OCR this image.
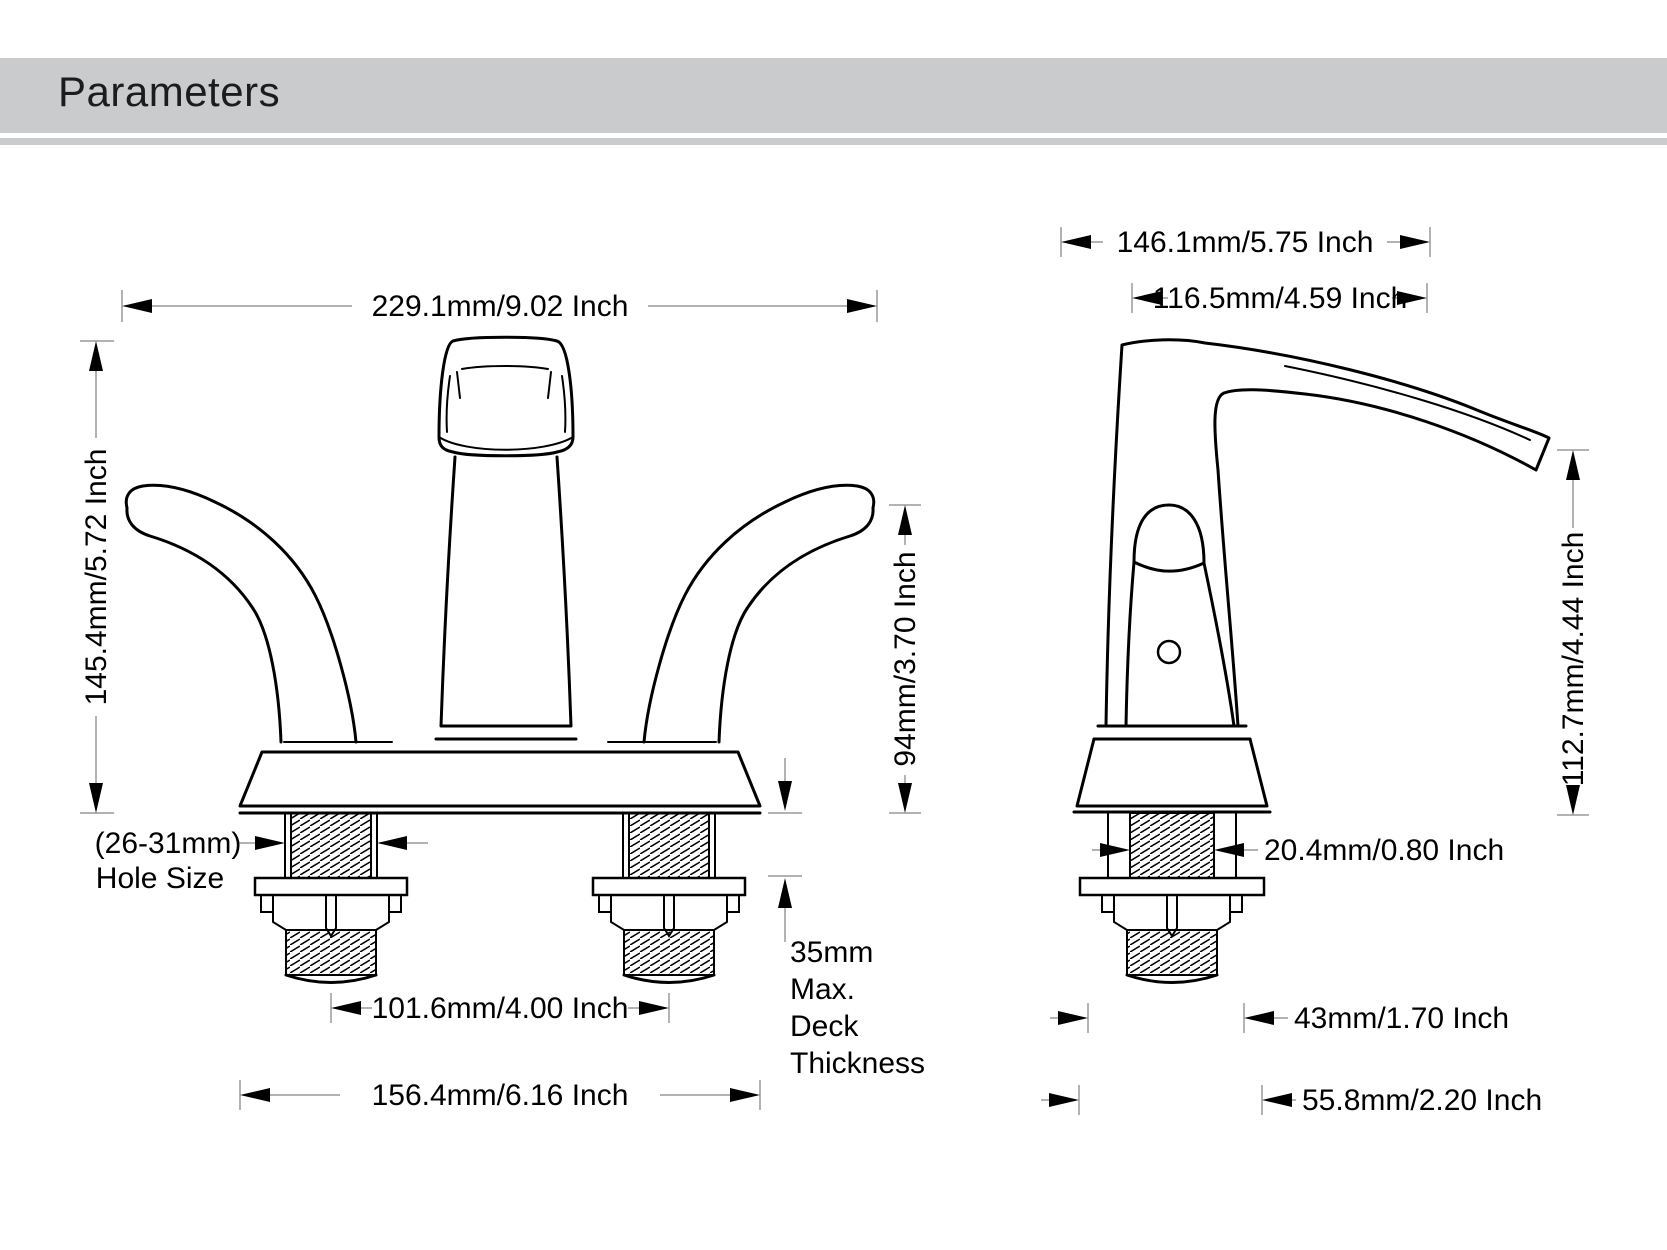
Parameters
229.1mm/9.02 Inch
145.4mm/5.72 Inch	94mm/3.70 Inch
(26-31mm)
Hole Size
101.6mm/4.00 Inch
156.4mm/6.16 Inch
35mm
Max.
Deck
Thickness
146.1mm/5.75 Inch
116.5mm/4.59 Inch
20.4mm/0.80 Inch
112.7mm/4.44 Inch
43mm/1.70 Inch
55.8mm/2.20 Inch
